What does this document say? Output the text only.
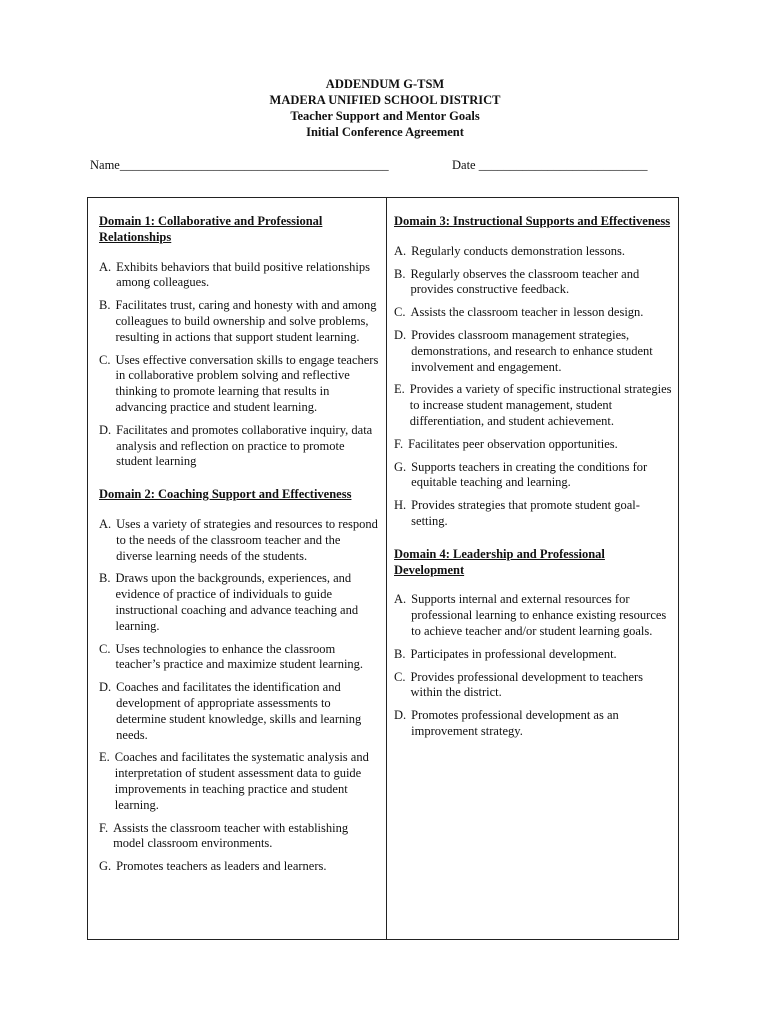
ADDENDUM G-TSM
MADERA UNIFIED SCHOOL DISTRICT
Teacher Support and Mentor Goals
Initial Conference Agreement
Name___________________________________________	Date ___________________________
Domain 1: Collaborative and Professional Relationships
A. Exhibits behaviors that build positive relationships among colleagues.
B. Facilitates trust, caring and honesty with and among colleagues to build ownership and solve problems, resulting in actions that support student learning.
C. Uses effective conversation skills to engage teachers in collaborative problem solving and reflective thinking to promote learning that results in advancing practice and student learning.
D. Facilitates and promotes collaborative inquiry, data analysis and reflection on practice to promote student learning
Domain 2: Coaching Support and Effectiveness
A. Uses a variety of strategies and resources to respond to the needs of the classroom teacher and the diverse learning needs of the students.
B. Draws upon the backgrounds, experiences, and evidence of practice of individuals to guide instructional coaching and advance teaching and learning.
C. Uses technologies to enhance the classroom teacher’s practice and maximize student learning.
D. Coaches and facilitates the identification and development of appropriate assessments to determine student knowledge, skills and learning needs.
E. Coaches and facilitates the systematic analysis and interpretation of student assessment data to guide improvements in teaching practice and student learning.
F. Assists the classroom teacher with establishing model classroom environments.
G. Promotes teachers as leaders and learners.
Domain 3: Instructional Supports and Effectiveness
A. Regularly conducts demonstration lessons.
B. Regularly observes the classroom teacher and provides constructive feedback.
C. Assists the classroom teacher in lesson design.
D. Provides classroom management strategies, demonstrations, and research to enhance student involvement and engagement.
E. Provides a variety of specific instructional strategies to increase student management, student differentiation, and student achievement.
F. Facilitates peer observation opportunities.
G. Supports teachers in creating the conditions for equitable teaching and learning.
H. Provides strategies that promote student goal-setting.
Domain 4: Leadership and Professional Development
A. Supports internal and external resources for professional learning to enhance existing resources to achieve teacher and/or student learning goals.
B. Participates in professional development.
C. Provides professional development to teachers within the district.
D. Promotes professional development as an improvement strategy.
